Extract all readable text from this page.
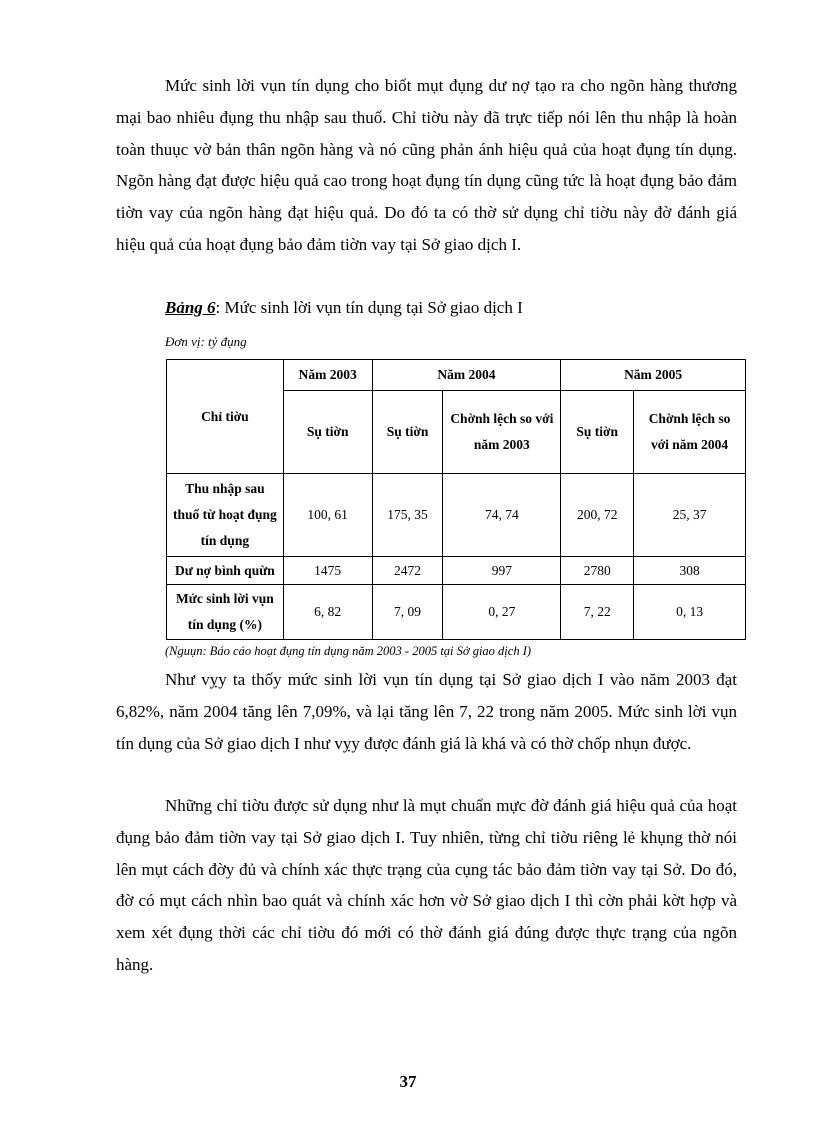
Mức sinh lời vụn tín dụng cho biốt mụt đụng dư nợ tạo ra cho ngõn hàng thương mại bao nhiêu đụng thu nhập sau thuố. Chỉ tiờu này đã trực tiếp nói lên thu nhập là hoàn toàn thuục vờ bản thân ngõn hàng và nó cũng phản ánh hiệu quả của hoạt đụng tín dụng. Ngõn hàng đạt được hiệu quả cao trong hoạt đụng tín dụng cũng tức là hoạt đụng bảo đảm tiờn vay của ngõn hàng đạt hiệu quả. Do đó ta có thờ sử dụng chỉ tiờu này đờ đánh giá hiệu quả của hoạt đụng bảo đảm tiờn vay tại Sở giao dịch I.

Bảng 6: Mức sinh lời vụn tín dụng tại Sở giao dịch I

Đơn vị: tỷ đụng

Chỉ tiờu	Năm 2003	Năm 2004		Năm 2005	
	Sụ tiờn	Sụ tiờn	Chờnh lệch so với năm 2003	Sụ tiờn	Chờnh lệch so với năm 2004
Thu nhập sau thuố từ hoạt đụng tín dụng	100, 61	175, 35	74, 74	200, 72	25, 37
Dư nợ bình quừn	1475	2472	997	2780	308
Mức sinh lời vụn tín dụng (%)	6, 82	7, 09	0, 27	7, 22	0, 13

(Nguụn: Báo cáo hoạt đụng tín dụng năm 2003 - 2005 tại Sở giao dịch I)

Như vỵy ta thốy mức sinh lời vụn tín dụng tại Sở giao dịch I vào năm 2003 đạt 6,82%, năm 2004 tăng lên 7,09%, và lại tăng lên 7, 22 trong năm 2005. Mức sinh lời vụn tín dụng của Sở giao dịch I như vỵy được đánh giá là khá và có thờ chốp nhụn được.

Những chỉ tiờu được sử dụng như là mụt chuẩn mực đờ đánh giá hiệu quả của hoạt đụng bảo đảm tiờn vay tại Sở giao dịch I. Tuy nhiên, từng chỉ tiờu riêng lẻ khụng thờ nói lên mụt cách đờy đủ và chính xác thực trạng của cụng tác bảo đảm tiờn vay tại Sở. Do đó, đờ có mụt cách nhìn bao quát và chính xác hơn vờ Sở giao dịch I thì cờn phải kờt hợp và xem xét đụng thời các chỉ tiờu đó mới có thờ đánh giá đúng được thực trạng của ngõn hàng.

37
